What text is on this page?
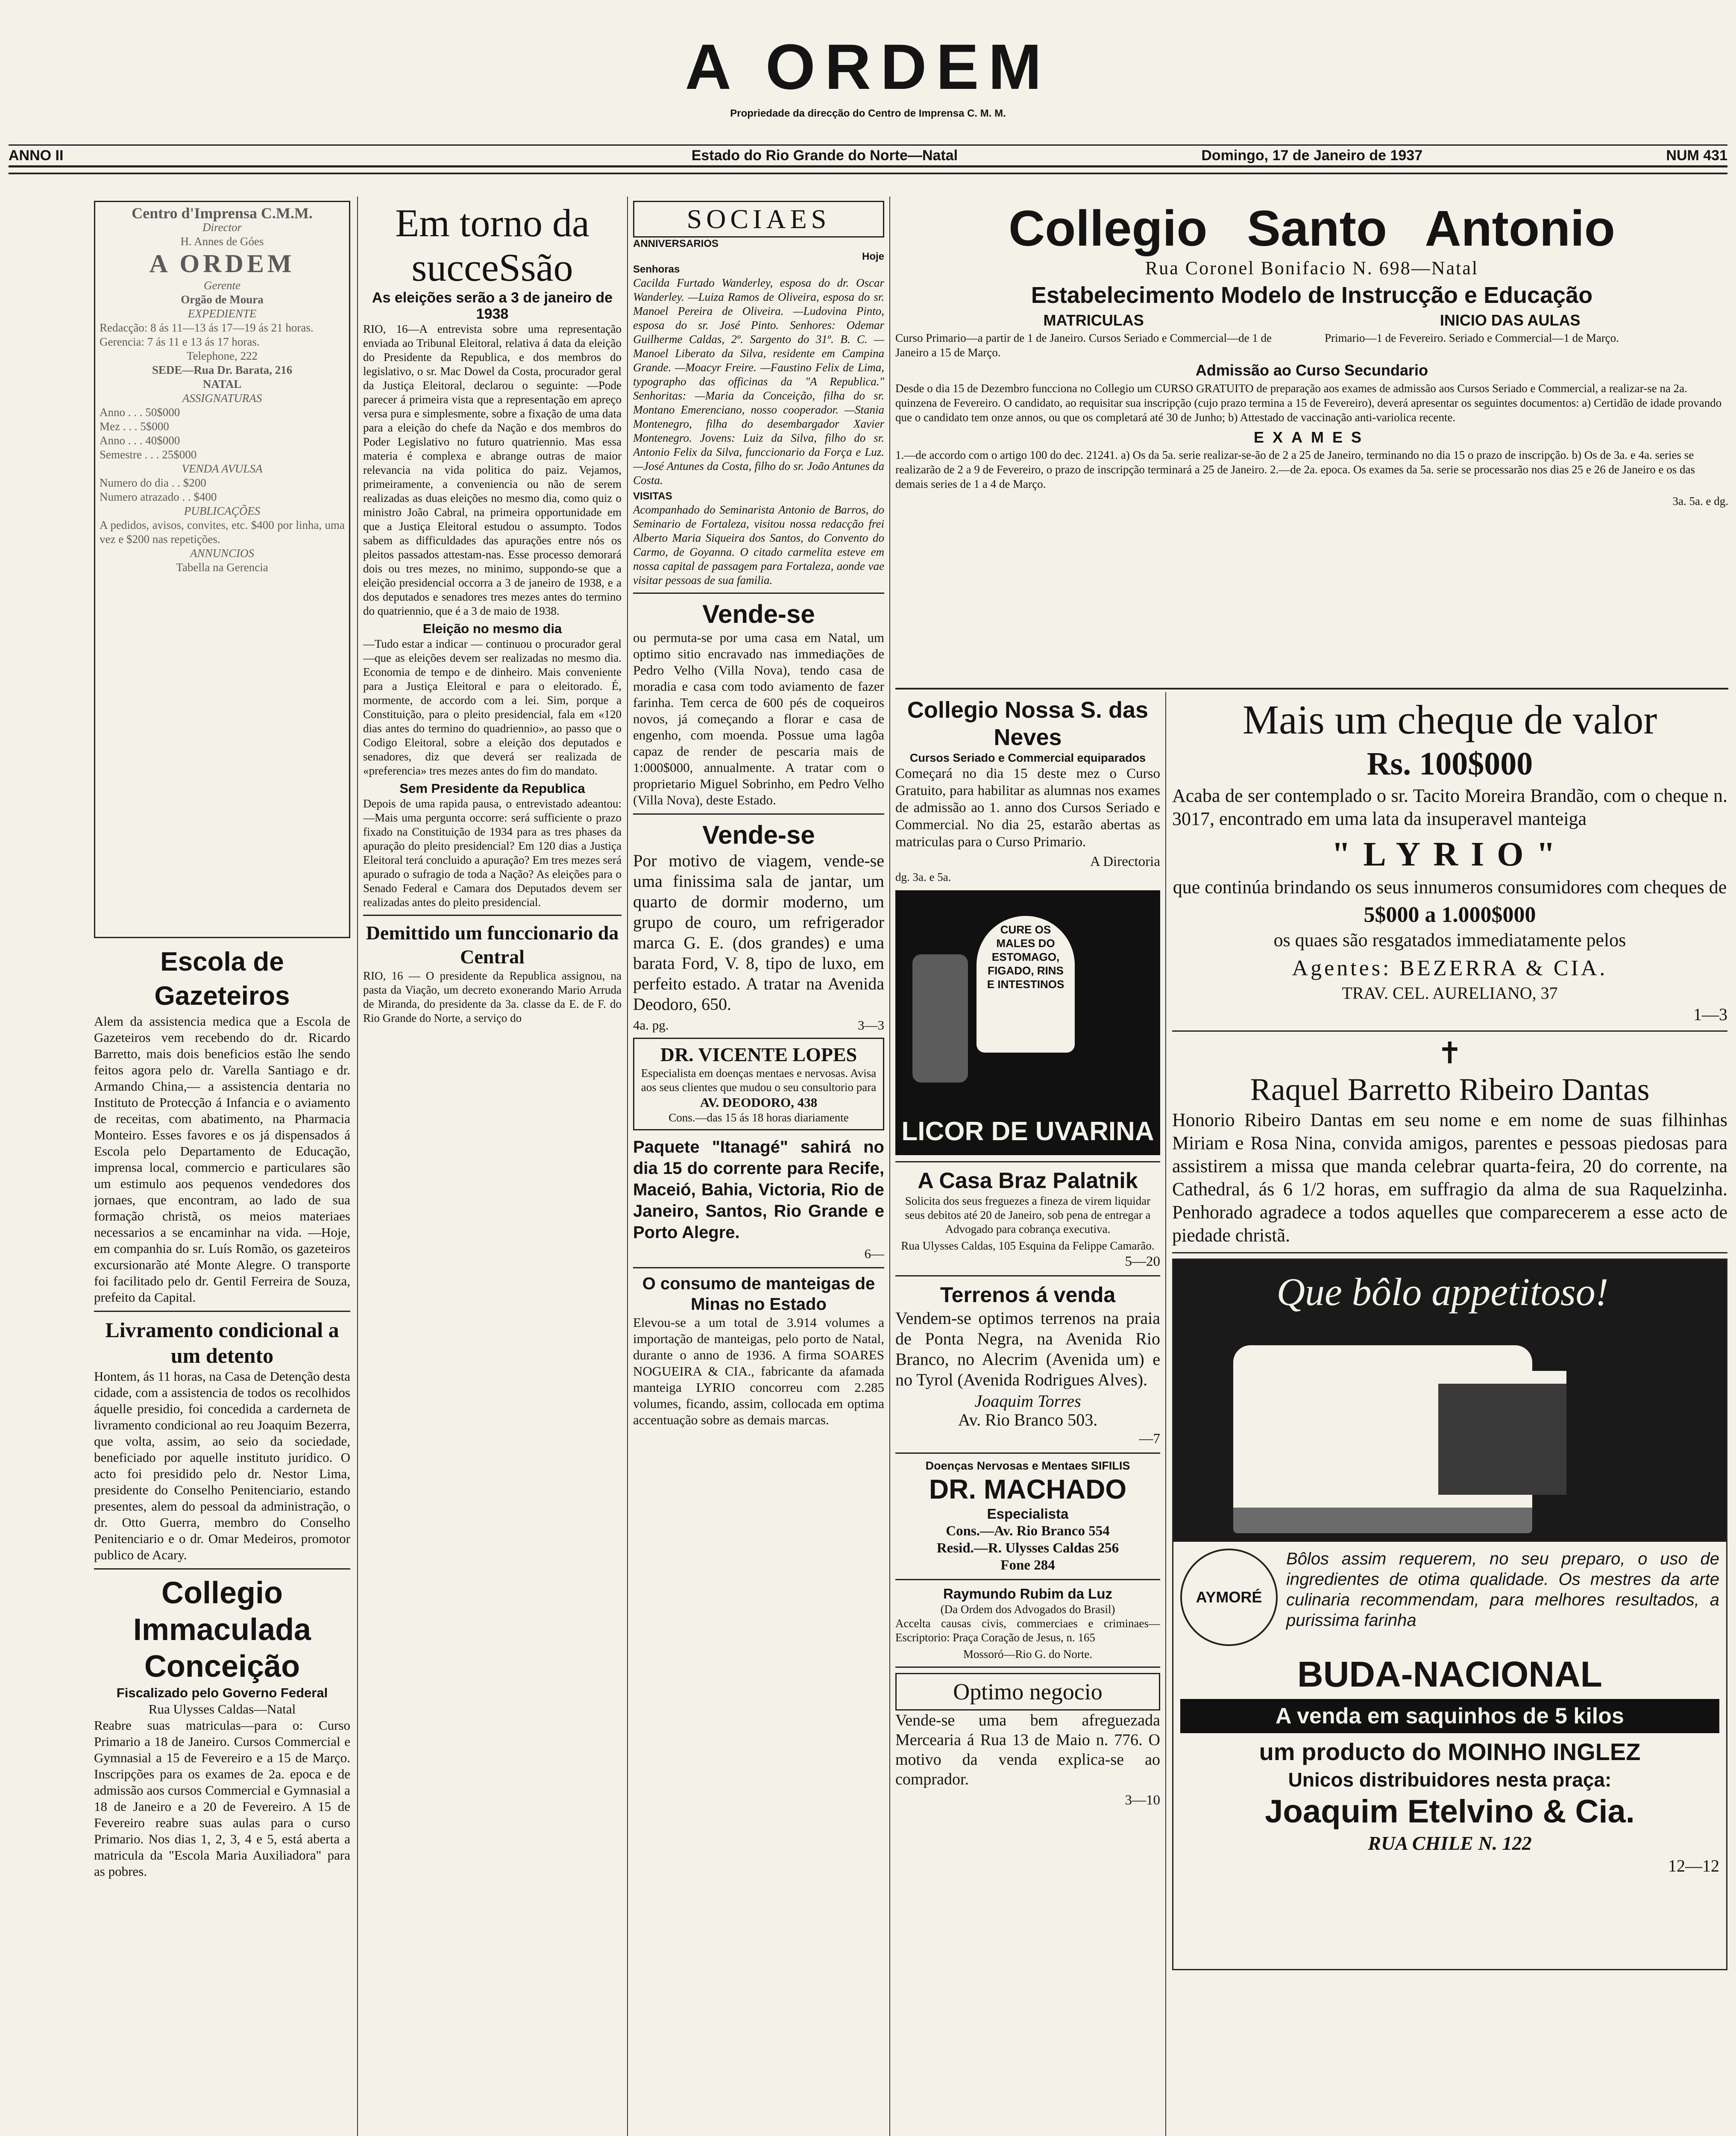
A ORDEM
Propriedade da direcção do Centro de Imprensa C. M. M.
ANNO II	Estado do Rio Grande do Norte—Natal	Domingo, 17 de Janeiro de 1937	NUM 431
Centro d'Imprensa C.M.M.
Director
H. Annes de Góes
A ORDEM
Gerente
Orgão de Moura
EXPEDIENTE
Redacção: 8 ás 11—13 ás 17—19 ás 21 horas.
Gerencia: 7 ás 11 e 13 ás 17 horas.
Telephone, 222
SEDE—Rua Dr. Barata, 216
NATAL
ASSIGNATURAS
Anno . . . 50$000
Mez . . . 5$000
Anno . . . 40$000
Semestre . . . 25$000
VENDA AVULSA
Numero do dia . . $200
Numero atrazado . . $400
PUBLICAÇÕES
A pedidos, avisos, convites, etc. $400 por linha, uma vez e $200 nas repetições.
ANNUNCIOS
Tabella na Gerencia
Escola de Gazeteiros

Alem da assistencia medica que a Escola de Gazeteiros vem recebendo do dr. Ricardo Barretto, mais dois beneficios estão lhe sendo feitos agora pelo dr. Varella Santiago e dr. Armando China,— a assistencia dentaria no Instituto de Protecção á Infancia e o aviamento de receitas, com abatimento, na Pharmacia Monteiro. Esses favores e os já dispensados á Escola pelo Departamento de Educação, imprensa local, commercio e particulares são um estimulo aos pequenos vendedores dos jornaes, que encontram, ao lado de sua formação christã, os meios materiaes necessarios a se encaminhar na vida. —Hoje, em companhia do sr. Luís Romão, os gazeteiros excursionarão até Monte Alegre. O transporte foi facilitado pelo dr. Gentil Ferreira de Souza, prefeito da Capital.

Livramento condicional a um detento

Hontem, ás 11 horas, na Casa de Detenção desta cidade, com a assistencia de todos os recolhidos áquelle presidio, foi concedida a carderneta de livramento condicional ao reu Joaquim Bezerra, que volta, assim, ao seio da sociedade, beneficiado por aquelle instituto juridico. O acto foi presidido pelo dr. Nestor Lima, presidente do Conselho Penitenciario, estando presentes, alem do pessoal da administração, o dr. Otto Guerra, membro do Conselho Penitenciario e o dr. Omar Medeiros, promotor publico de Acary.

Collegio Immaculada Conceição
Fiscalizado pelo Governo Federal
Rua Ulysses Caldas—Natal

Reabre suas matriculas—para o: Curso Primario a 18 de Janeiro. Cursos Commercial e Gymnasial a 15 de Fevereiro e a 15 de Março. Inscripções para os exames de 2a. epoca e de admissão aos cursos Commercial e Gymnasial a 18 de Janeiro e a 20 de Fevereiro. A 15 de Fevereiro reabre suas aulas para o curso Primario. Nos dias 1, 2, 3, 4 e 5, está aberta a matricula da "Escola Maria Auxiliadora" para as pobres.

Em torno da succeSsão
As eleições serão a 3 de janeiro de 1938

RIO, 16—A entrevista sobre uma representação enviada ao Tribunal Eleitoral, relativa á data da eleição do Presidente da Republica, e dos membros do legislativo, o sr. Mac Dowel da Costa, procurador geral da Justiça Eleitoral, declarou o seguinte: —Pode parecer á primeira vista que a representação em apreço versa pura e simplesmente, sobre a fixação de uma data para a eleição do chefe da Nação e dos membros do Poder Legislativo no futuro quatriennio. Mas essa materia é complexa e abrange outras de maior relevancia na vida politica do paiz. Vejamos, primeiramente, a conveniencia ou não de serem realizadas as duas eleições no mesmo dia, como quiz o ministro João Cabral, na primeira opportunidade em que a Justiça Eleitoral estudou o assumpto. Todos sabem as difficuldades das apurações entre nós os pleitos passados attestam-nas. Esse processo demorará dois ou tres mezes, no minimo, suppondo-se que a eleição presidencial occorra a 3 de janeiro de 1938, e a dos deputados e senadores tres mezes antes do termino do quatriennio, que é a 3 de maio de 1938.

Eleição no mesmo dia

—Tudo estar a indicar — continuou o procurador geral—que as eleições devem ser realizadas no mesmo dia. Economia de tempo e de dinheiro. Mais conveniente para a Justiça Eleitoral e para o eleitorado. É, mormente, de accordo com a lei. Sim, porque a Constituição, para o pleito presidencial, fala em «120 dias antes do termino do quadriennio», ao passo que o Codigo Eleitoral, sobre a eleição dos deputados e senadores, diz que deverá ser realizada de «preferencia» tres mezes antes do fim do mandato.

Sem Presidente da Republica

Depois de uma rapida pausa, o entrevistado adeantou: —Mais uma pergunta occorre: será sufficiente o prazo fixado na Constituição de 1934 para as tres phases da apuração do pleito presidencial? Em 120 dias a Justiça Eleitoral terá concluido a apuração? Em tres mezes será apurado o sufragio de toda a Nação? As eleições para o Senado Federal e Camara dos Deputados devem ser realizadas antes do pleito presidencial.

Demittido um funccionario da Central

RIO, 16 — O presidente da Republica assignou, na pasta da Viação, um decreto exonerando Mario Arruda de Miranda, do presidente da 3a. classe da E. de F. do Rio Grande do Norte, a serviço do

SOCIAES
ANNIVERSARIOS
Hoje
Senhoras

Cacilda Furtado Wanderley, esposa do dr. Oscar Wanderley. —Luiza Ramos de Oliveira, esposa do sr. Manoel Pereira de Oliveira. —Ludovina Pinto, esposa do sr. José Pinto. Senhores: Odemar Guilherme Caldas, 2º. Sargento do 31º. B. C. —Manoel Liberato da Silva, residente em Campina Grande. —Moacyr Freire. —Faustino Felix de Lima, typographo das officinas da "A Republica." Senhoritas: —Maria da Conceição, filha do sr. Montano Emerenciano, nosso cooperador. —Stania Montenegro, filha do desembargador Xavier Montenegro. Jovens: Luiz da Silva, filho do sr. Antonio Felix da Silva, funccionario da Força e Luz. —José Antunes da Costa, filho do sr. João Antunes da Costa.

VISITAS

Acompanhado do Seminarista Antonio de Barros, do Seminario de Fortaleza, visitou nossa redacção frei Alberto Maria Siqueira dos Santos, do Convento do Carmo, de Goyanna. O citado carmelita esteve em nossa capital de passagem para Fortaleza, aonde vae visitar pessoas de sua familia.

Vende-se

ou permuta-se por uma casa em Natal, um optimo sitio encravado nas immediações de Pedro Velho (Villa Nova), tendo casa de moradia e casa com todo aviamento de fazer farinha. Tem cerca de 600 pés de coqueiros novos, já começando a florar e casa de engenho, com moenda. Possue uma lagôa capaz de render de pescaria mais de 1:000$000, annualmente. A tratar com o proprietario Miguel Sobrinho, em Pedro Velho (Villa Nova), deste Estado.

Vende-se

Por motivo de viagem, vende-se uma finissima sala de jantar, um quarto de dormir moderno, um grupo de couro, um refrigerador marca G. E. (dos grandes) e uma barata Ford, V. 8, tipo de luxo, em perfeito estado. A tratar na Avenida Deodoro, 650.

4a. pg.	3—3
DR. VICENTE LOPES
Especialista em doenças mentaes e nervosas. Avisa aos seus clientes que mudou o seu consultorio para
AV. DEODORO, 438
Cons.—das 15 ás 18 horas diariamente

Paquete "Itanagé" sahirá no dia 15 do corrente para Recife, Maceió, Bahia, Victoria, Rio de Janeiro, Santos, Rio Grande e Porto Alegre.

6—
O consumo de manteigas de Minas no Estado

Elevou-se a um total de 3.914 volumes a importação de manteigas, pelo porto de Natal, durante o anno de 1936. A firma SOARES NOGUEIRA & CIA., fabricante da afamada manteiga LYRIO concorreu com 2.285 volumes, ficando, assim, collocada em optima accentuação sobre as demais marcas.

Collegio Santo Antonio
Rua Coronel Bonifacio N. 698—Natal
Estabelecimento Modelo de Instrucção e Educação
MATRICULAS	INICIO DAS AULAS
Curso Primario—a partir de 1 de Janeiro. Cursos Seriado e Commercial—de 1 de Janeiro a 15 de Março.
Primario—1 de Fevereiro. Seriado e Commercial—1 de Março.
Admissão ao Curso Secundario

Desde o dia 15 de Dezembro funcciona no Collegio um CURSO GRATUITO de preparação aos exames de admissão aos Cursos Seriado e Commercial, a realizar-se na 2a. quinzena de Fevereiro. O candidato, ao requisitar sua inscripção (cujo prazo termina a 15 de Fevereiro), deverá apresentar os seguintes documentos: a) Certidão de idade provando que o candidato tem onze annos, ou que os completará até 30 de Junho; b) Attestado de vaccinação anti-variolica recente.

EXAMES

1.—de accordo com o artigo 100 do dec. 21241. a) Os da 5a. serie realizar-se-ão de 2 a 25 de Janeiro, terminando no dia 15 o prazo de inscripção. b) Os de 3a. e 4a. series se realizarão de 2 a 9 de Fevereiro, o prazo de inscripção terminará a 25 de Janeiro. 2.—de 2a. epoca. Os exames da 5a. serie se processarão nos dias 25 e 26 de Janeiro e os das demais series de 1 a 4 de Março.

3a. 5a. e dg.
Collegio Nossa S. das Neves
Cursos Seriado e Commercial equiparados

Começará no dia 15 deste mez o Curso Gratuito, para habilitar as alumnas nos exames de admissão ao 1. anno dos Cursos Seriado e Commercial. No dia 25, estarão abertas as matriculas para o Curso Primario.

A Directoria
dg. 3a. e 5a.
CURE OS MALES DO ESTOMAGO, FIGADO, RINS E INTESTINOS
LICOR DE UVARINA
A Casa Braz Palatnik

Solicita dos seus freguezes a fineza de virem liquidar seus debitos até 20 de Janeiro, sob pena de entregar a Advogado para cobrança executiva.

Rua Ulysses Caldas, 105 Esquina da Felippe Camarão.
5—20
Terrenos á venda

Vendem-se optimos terrenos na praia de Ponta Negra, na Avenida Rio Branco, no Alecrim (Avenida um) e no Tyrol (Avenida Rodrigues Alves).

Joaquim Torres
Av. Rio Branco 503.
—7
Doenças Nervosas e Mentaes SIFILIS
DR. MACHADO
Especialista
Cons.—Av. Rio Branco 554
Resid.—R. Ulysses Caldas 256
Fone 284
Raymundo Rubim da Luz
(Da Ordem dos Advogados do Brasil)

Accelta causas civis, commerciaes e criminaes—Escriptorio: Praça Coração de Jesus, n. 165

Mossoró—Rio G. do Norte.
Optimo negocio

Vende-se uma bem afreguezada Mercearia á Rua 13 de Maio n. 776. O motivo da venda explica-se ao comprador.

3—10
Mais um cheque de valor
Rs. 100$000

Acaba de ser contemplado o sr. Tacito Moreira Brandão, com o cheque n. 3017, encontrado em uma lata da insuperavel manteiga

"LYRIO"

que continúa brindando os seus innumeros consumidores com cheques de

5$000 a 1.000$000

os quaes são resgatados immediatamente pelos

Agentes: BEZERRA & CIA.
TRAV. CEL. AURELIANO, 37
1—3
✝
Raquel Barretto Ribeiro Dantas

Honorio Ribeiro Dantas em seu nome e em nome de suas filhinhas Miriam e Rosa Nina, convida amigos, parentes e pessoas piedosas para assistirem a missa que manda celebrar quarta-feira, 20 do corrente, na Cathedral, ás 6 1/2 horas, em suffragio da alma de sua Raquelzinha. Penhorado agradece a todos aquelles que comparecerem a esse acto de piedade christã.

Que bôlo appetitoso!
AYMORÉ
Bôlos assim requerem, no seu preparo, o uso de ingredientes de otima qualidade. Os mestres da arte culinaria recommendam, para melhores resultados, a purissima farinha
BUDA-NACIONAL
A venda em saquinhos de 5 kilos
um producto do MOINHO INGLEZ
Unicos distribuidores nesta praça:
Joaquim Etelvino & Cia.
RUA CHILE N. 122
12—12
